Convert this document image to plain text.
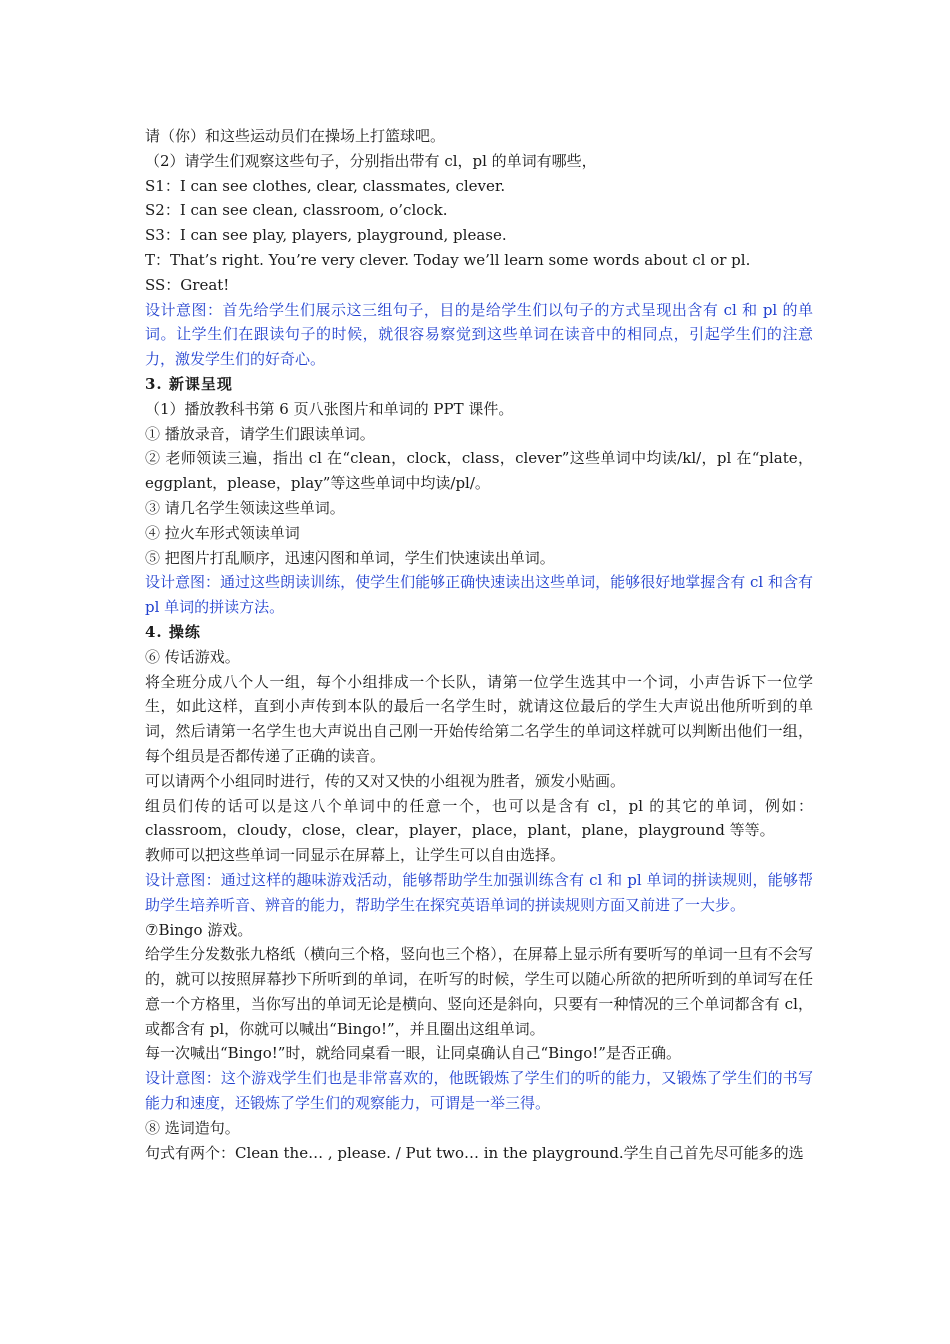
请（你）和这些运动员们在操场上打篮球吧。
（2）请学生们观察这些句子，分别指出带有 cl，pl 的单词有哪些，
S1：I can see clothes, clear, classmates, clever.
S2：I can see clean, classroom, o’clock.
S3：I can see play, players, playground, please.
T：That’s right. You’re very clever. Today we’ll learn some words about cl or pl.
SS：Great!
设计意图：首先给学生们展示这三组句子，目的是给学生们以句子的方式呈现出含有 cl 和 pl 的单词。让学生们在跟读句子的时候，就很容易察觉到这些单词在读音中的相同点，引起学生们的注意力，激发学生们的好奇心。
3. 新课呈现
（1）播放教科书第 6 页八张图片和单词的 PPT 课件。
① 播放录音，请学生们跟读单词。
② 老师领读三遍，指出 cl 在“clean，clock，class，clever”这些单词中均读/kl/，pl 在“plate，eggplant，please，play”等这些单词中均读/pl/。
③ 请几名学生领读这些单词。
④ 拉火车形式领读单词
⑤ 把图片打乱顺序，迅速闪图和单词，学生们快速读出单词。
设计意图：通过这些朗读训练，使学生们能够正确快速读出这些单词，能够很好地掌握含有 cl 和含有 pl 单词的拼读方法。
4. 操练
⑥ 传话游戏。
将全班分成八个人一组，每个小组排成一个长队，请第一位学生选其中一个词，小声告诉下一位学生，如此这样，直到小声传到本队的最后一名学生时，就请这位最后的学生大声说出他所听到的单词，然后请第一名学生也大声说出自己刚一开始传给第二名学生的单词这样就可以判断出他们一组，每个组员是否都传递了正确的读音。
可以请两个小组同时进行，传的又对又快的小组视为胜者，颁发小贴画。
组员们传的话可以是这八个单词中的任意一个，也可以是含有 cl，pl 的其它的单词，例如：classroom，cloudy，close，clear，player，place，plant，plane，playground 等等。
教师可以把这些单词一同显示在屏幕上，让学生可以自由选择。
设计意图：通过这样的趣味游戏活动，能够帮助学生加强训练含有 cl 和 pl 单词的拼读规则，能够帮助学生培养听音、辨音的能力，帮助学生在探究英语单词的拼读规则方面又前进了一大步。
⑦Bingo 游戏。
给学生分发数张九格纸（横向三个格，竖向也三个格），在屏幕上显示所有要听写的单词一旦有不会写的，就可以按照屏幕抄下所听到的单词，在听写的时候，学生可以随心所欲的把所听到的单词写在任意一个方格里，当你写出的单词无论是横向、竖向还是斜向，只要有一种情况的三个单词都含有 cl，或都含有 pl，你就可以喊出“Bingo!”，并且圈出这组单词。
每一次喊出“Bingo!”时，就给同桌看一眼，让同桌确认自己“Bingo!”是否正确。
设计意图：这个游戏学生们也是非常喜欢的，他既锻炼了学生们的听的能力，又锻炼了学生们的书写能力和速度，还锻炼了学生们的观察能力，可谓是一举三得。
⑧ 选词造句。
句式有两个：Clean the… , please. / Put two… in the playground.学生自己首先尽可能多的选
